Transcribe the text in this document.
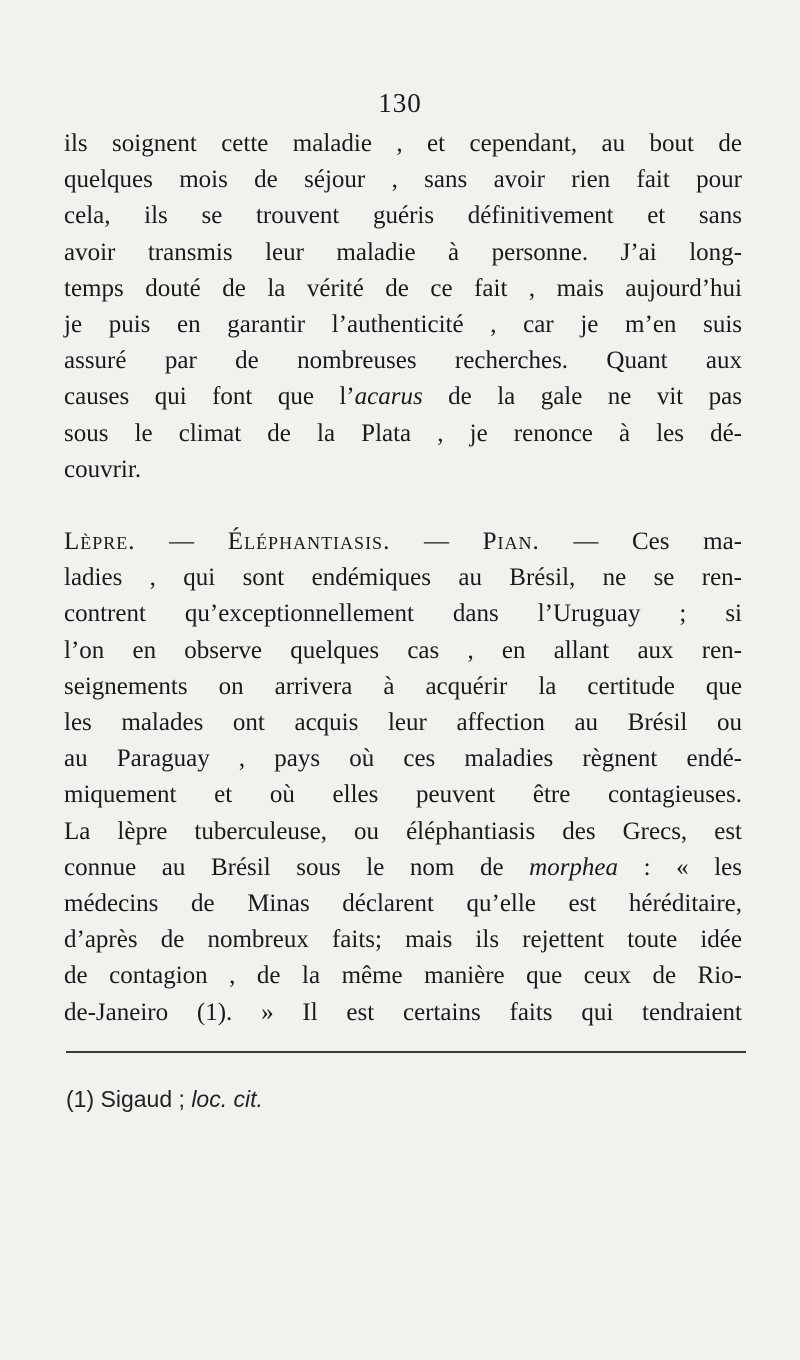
130
ils soignent cette maladie , et cependant, au bout de
quelques mois de séjour , sans avoir rien fait pour
cela, ils se trouvent guéris définitivement et sans
avoir transmis leur maladie à personne. J’ai long-
temps douté de la vérité de ce fait , mais aujourd’hui
je puis en garantir l’authenticité , car je m’en suis
assuré par de nombreuses recherches. Quant aux
causes qui font que l’acarus de la gale ne vit pas
sous le climat de la Plata , je renonce à les dé-
couvrir.
Lèpre. — Éléphantiasis. — Pian. — Ces ma-
ladies , qui sont endémiques au Brésil, ne se ren-
contrent qu’exceptionnellement dans l’Uruguay ; si
l’on en observe quelques cas , en allant aux ren-
seignements on arrivera à acquérir la certitude que
les malades ont acquis leur affection au Brésil ou
au Paraguay , pays où ces maladies règnent endé-
miquement et où elles peuvent être contagieuses.
La lèpre tuberculeuse, ou éléphantiasis des Grecs, est
connue au Brésil sous le nom de morphea : « les
médecins de Minas déclarent qu’elle est héréditaire,
d’après de nombreux faits; mais ils rejettent toute idée
de contagion , de la même manière que ceux de Rio-
de-Janeiro (1). » Il est certains faits qui tendraient
(1) Sigaud ; loc. cit.
